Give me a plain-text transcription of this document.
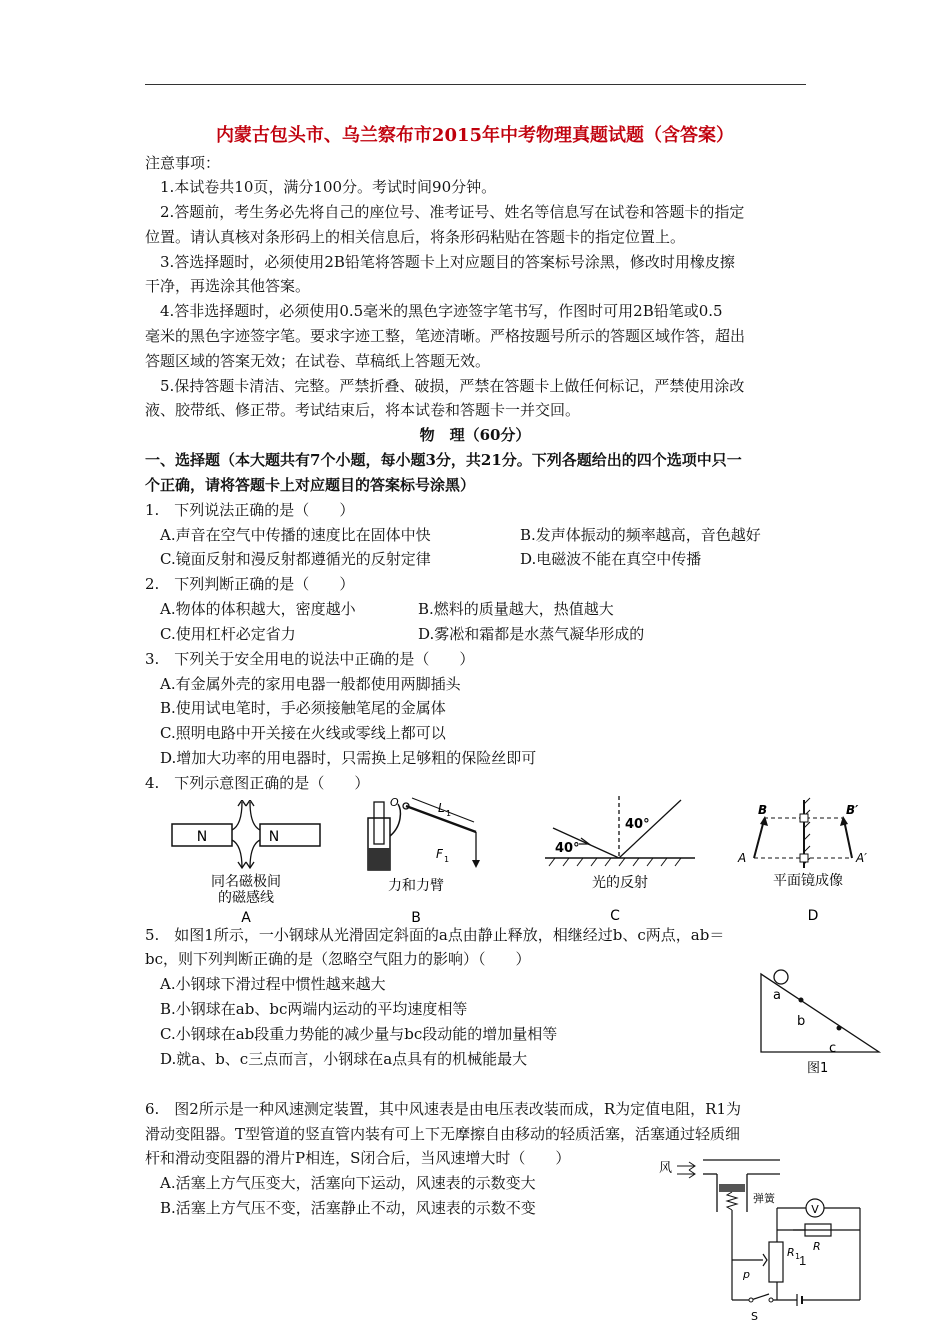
内蒙古包头市、乌兰察布市2015年中考物理真题试题（含答案）
注意事项：
1.本试卷共10页，满分100分。考试时间90分钟。
2.答题前，考生务必先将自己的座位号、准考证号、姓名等信息写在试卷和答题卡的指定
位置。请认真核对条形码上的相关信息后，将条形码粘贴在答题卡的指定位置上。
3.答选择题时，必须使用2B铅笔将答题卡上对应题目的答案标号涂黑，修改时用橡皮擦
干净，再选涂其他答案。
4.答非选择题时，必须使用0.5毫米的黑色字迹签字笔书写，作图时可用2B铅笔或0.5
毫米的黑色字迹签字笔。要求字迹工整，笔迹清晰。严格按题号所示的答题区域作答，超出
答题区域的答案无效；在试卷、草稿纸上答题无效。
5.保持答题卡清洁、完整。严禁折叠、破损，严禁在答题卡上做任何标记，严禁使用涂改
液、胶带纸、修正带。考试结束后，将本试卷和答题卡一并交回。
物　理（60分）
一、选择题（本大题共有7个小题，每小题3分，共21分。下列各题给出的四个选项中只一
个正确，请将答题卡上对应题目的答案标号涂黑）
1.　下列说法正确的是（　　）
A.声音在空气中传播的速度比在固体中快	B.发声体振动的频率越高，音色越好
C.镜面反射和漫反射都遵循光的反射定律	D.电磁波不能在真空中传播
2.　下列判断正确的是（　　）
A.物体的体积越大，密度越小	B.燃料的质量越大，热值越大
C.使用杠杆必定省力	D.雾凇和霜都是水蒸气凝华形成的
3.　下列关于安全用电的说法中正确的是（　　）
A.有金属外壳的家用电器一般都使用两脚插头
B.使用试电笔时，手必须接触笔尾的金属体
C.照明电路中开关接在火线或零线上都可以
D.增加大功率的用电器时，只需换上足够粗的保险丝即可
4.　下列示意图正确的是（　　）
N	N
同名磁极间
的磁感线
A
O	L 1
F 1
力和力臂
B
40°
40°
光的反射
C
B	B′
A	A′
平面镜成像
D
5.　如图1所示，一小钢球从光滑固定斜面的a点由静止释放，相继经过b、c两点，ab＝
bc，则下列判断正确的是（忽略空气阻力的影响）（　　）
A.小钢球下滑过程中惯性越来越大
B.小钢球在ab、bc两端内运动的平均速度相等
C.小钢球在ab段重力势能的减少量与bc段动能的增加量相等
D.就a、b、c三点而言，小钢球在a点具有的机械能最大
a
b
c
图1
6.　图2所示是一种风速测定装置，其中风速表是由电压表改装而成，R为定值电阻，R1为
滑动变阻器。T型管道的竖直管内装有可上下无摩擦自由移动的轻质活塞，活塞通过轻质细
杆和滑动变阻器的滑片P相连，S闭合后，当风速增大时（　　）
A.活塞上方气压变大，活塞向下运动，风速表的示数变大
B.活塞上方气压不变，活塞静止不动，风速表的示数不变
风
弹簧
V
R 1
R
p
S
1
